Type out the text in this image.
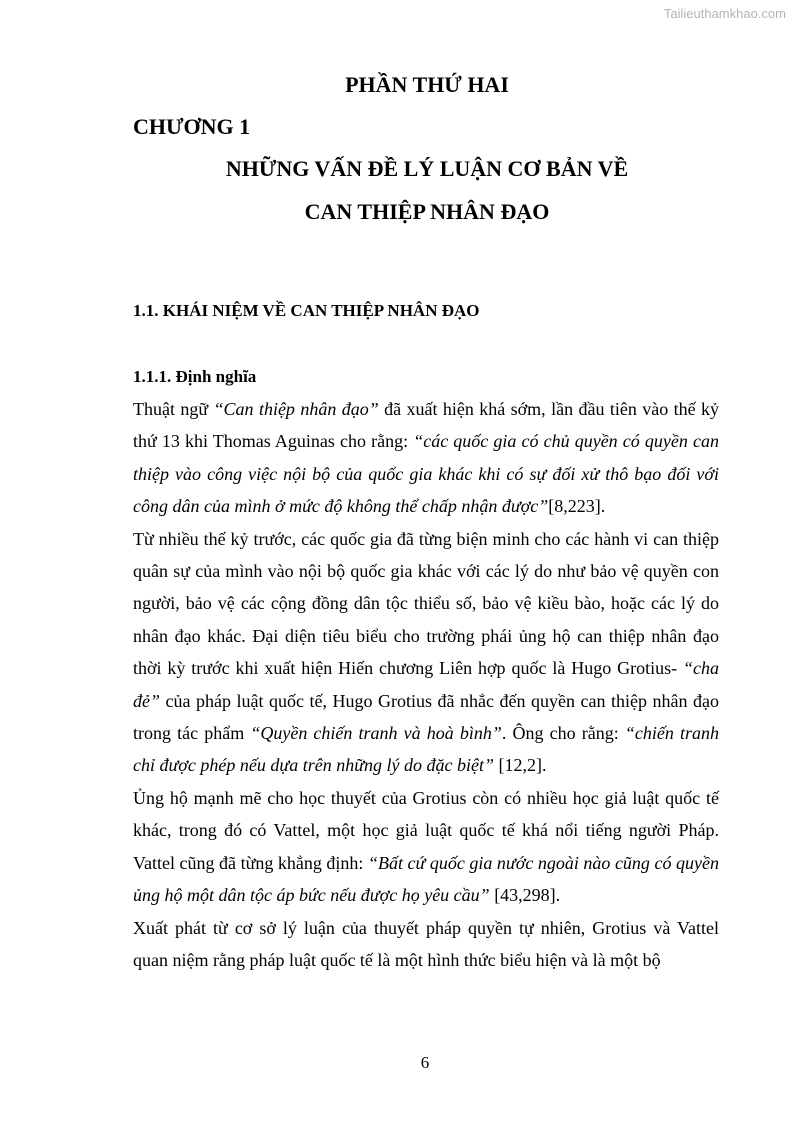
Tailieuthamkhao.com
PHẦN THỨ HAI
CHƯƠNG 1
NHỮNG VẤN ĐỀ LÝ LUẬN CƠ BẢN VỀ
CAN THIỆP NHÂN ĐẠO
1.1. KHÁI NIỆM VỀ CAN THIỆP NHÂN ĐẠO
1.1.1. Định nghĩa

Thuật ngữ “Can thiệp nhân đạo” đã xuất hiện khá sớm, lần đầu tiên vào thế kỷ thứ 13 khi Thomas Aguinas cho rằng: “các quốc gia có chủ quyền có quyền can thiệp vào công việc nội bộ của quốc gia khác khi có sự đối xử thô bạo đối với công dân của mình ở mức độ không thể chấp nhận được”[8,223].

Từ nhiều thế kỷ trước, các quốc gia đã từng biện minh cho các hành vi can thiệp quân sự của mình vào nội bộ quốc gia khác với các lý do như bảo vệ quyền con người, bảo vệ các cộng đồng dân tộc thiểu số, bảo vệ kiều bào, hoặc các lý do nhân đạo khác. Đại diện tiêu biểu cho trường phái ủng hộ can thiệp nhân đạo thời kỳ trước khi xuất hiện Hiến chương Liên hợp quốc là Hugo Grotius- “cha đẻ” của pháp luật quốc tế, Hugo Grotius đã nhắc đến quyền can thiệp nhân đạo trong tác phẩm “Quyền chiến tranh và hoà bình”. Ông cho rằng: “chiến tranh chỉ được phép nếu dựa trên những lý do đặc biệt” [12,2].

Ủng hộ mạnh mẽ cho học thuyết của Grotius còn có nhiều học giả luật quốc tế khác, trong đó có Vattel, một học giả luật quốc tế khá nổi tiếng người Pháp. Vattel cũng đã từng khẳng định: “Bất cứ quốc gia nước ngoài nào cũng có quyền ủng hộ một dân tộc áp bức nếu được họ yêu cầu” [43,298].

Xuất phát từ cơ sở lý luận của thuyết pháp quyền tự nhiên, Grotius và Vattel quan niệm rằng pháp luật quốc tế là một hình thức biểu hiện và là một bộ

6
